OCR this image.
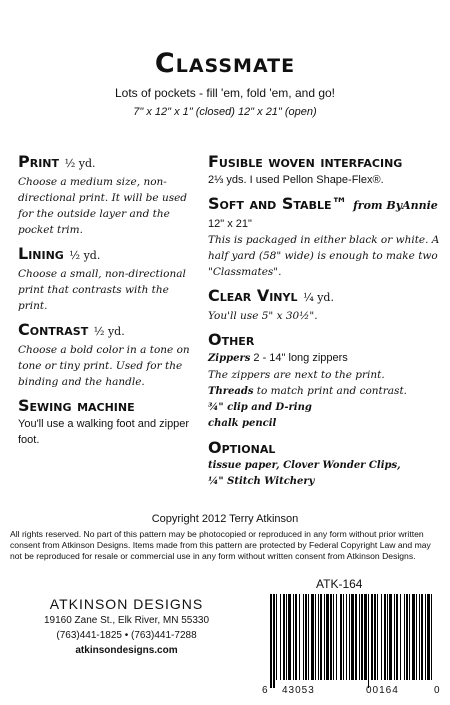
Classmate
Lots of pockets - fill 'em, fold 'em, and go!
7" x 12" x 1" (closed) 12" x 21" (open)
Print ½ yd.
Choose a medium size, non-directional print. It will be used for the outside layer and the pocket trim.
Lining ½ yd.
Choose a small, non-directional print that contrasts with the print.
Contrast ½ yd.
Choose a bold color in a tone on tone or tiny print. Used for the binding and the handle.
Sewing machine
You'll use a walking foot and zipper foot.
Fusible woven interfacing
2⅓ yds. I used Pellon Shape-Flex®.
Soft and Stable™ from ByAnnie
12" x 21"
This is packaged in either black or white. A half yard (58" wide) is enough to make two "Classmates".
Clear Vinyl ¼ yd.
You'll use 5" x 30½".
Other
Zippers 2 - 14" long zippers
The zippers are next to the print.
Threads to match print and contrast.
¾" clip and D-ring
chalk pencil
Optional
tissue paper, Clover Wonder Clips,
¼" Stitch Witchery
Copyright 2012 Terry Atkinson
All rights reserved. No part of this pattern may be photocopied or reproduced in any form without prior written consent from Atkinson Designs. Items made from this pattern are protected by Federal Copyright Law and may not be reproduced for resale or commercial use in any form without written consent from Atkinson Designs.
ATKINSON DESIGNS
19160 Zane St., Elk River, MN 55330
(763)441-1825 • (763)441-7288
atkinsondesigns.com
ATK-164
6 43053	00164	0
